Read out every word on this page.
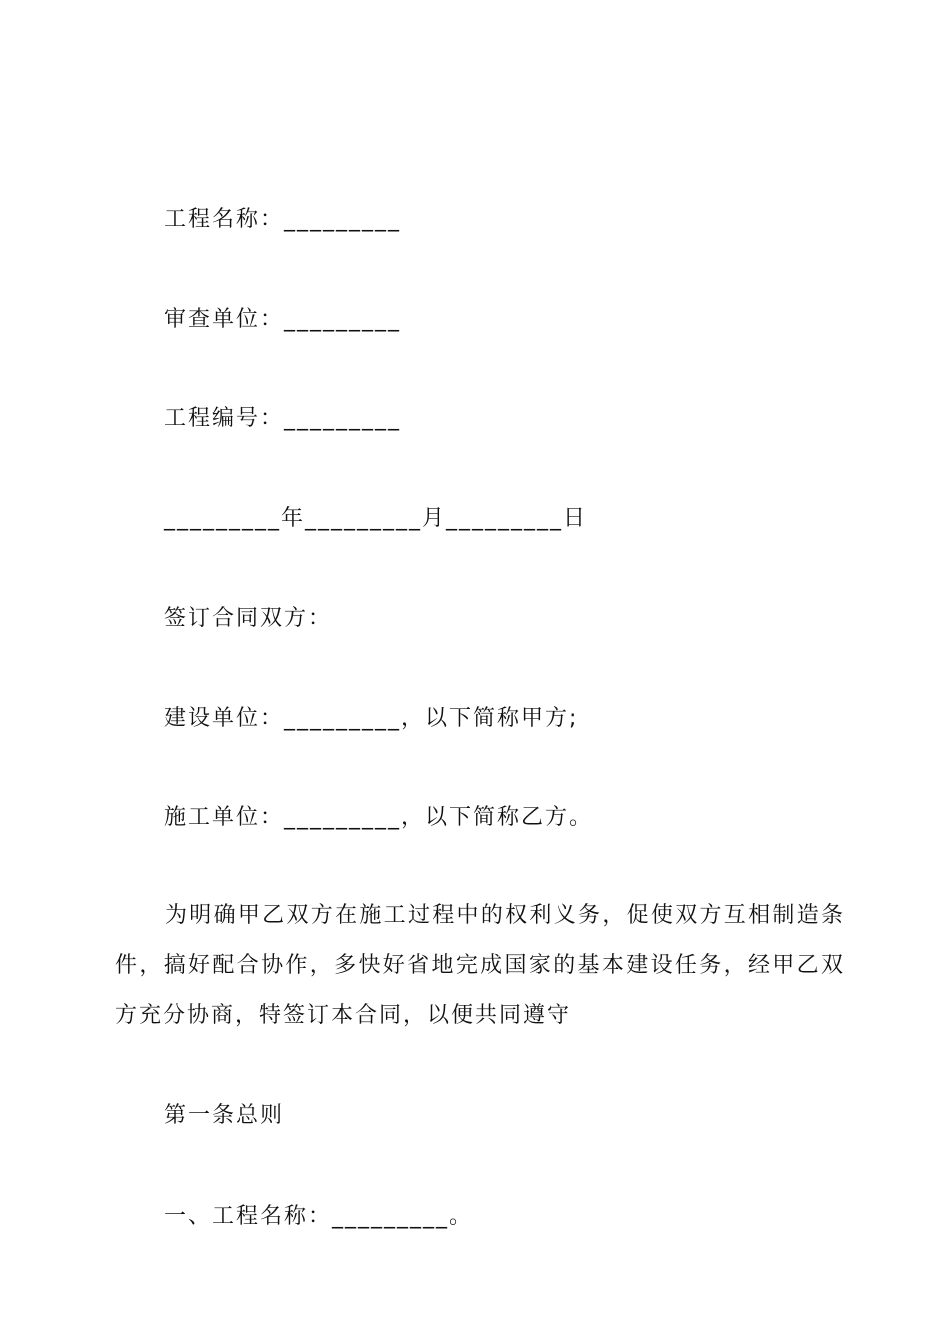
工程名称：_________
审查单位：_________
工程编号：_________
_________年_________月_________日
签订合同双方：
建设单位：_________，以下简称甲方;
施工单位：_________，以下简称乙方。
为明确甲乙双方在施工过程中的权利义务，促使双方互相制造条件，搞好配合协作，多快好省地完成国家的基本建设任务，经甲乙双方充分协商，特签订本合同，以便共同遵守
第一条总则
一、工程名称：_________。
